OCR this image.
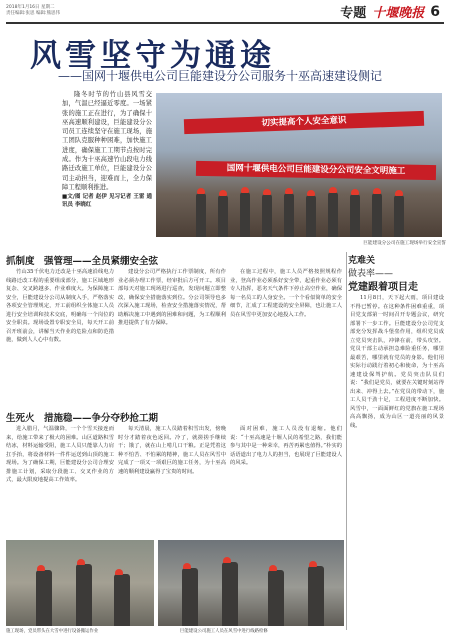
2018年1月16日 星期二
责任编辑:张思 编辑:熊思伟	专题 十堰晚报 6
风雪坚守为通途
——国网十堰供电公司巨能建设分公司服务十巫高速建设侧记
隆冬时节的竹山县风雪交加，气温已经逼近零度。一场紧张的施工正在进行，为了确保十巫高速顺利建设，巨能建设分公司员工连续坚守在施工现场，施工团队克服种种困难，加快施工进度，确保施工工期节点按时完成。作为十巫高速竹山段电力线路迁改施工单位，巨能建设分公司主动担当，迎难而上，全力保障工程顺利推进。
■文/图 记者 赵伊 见习记者 王雷 通讯员 李晓红
切实提高个人安全意识
国网十堰供电公司巨能建设分公司安全文明施工
巨能建设分公司在施工现场举行安全宣誓
抓制度　强管理——全员紧绷安全弦
竹山35千伏电力迁改是十巫高速沿线电力线路迁改工程的重要组成部分，施工区域地形复杂、交叉跨越多、作业难度大。为保障施工安全，巨能建设分公司从制度入手，严格落实各项安全管理规定，开工前组织全体施工人员进行安全培训和技术交底，明确每一个岗位的安全职责。现场设置专职安全员，每天开工前召开班前会，讲解当天作业的危险点和防范措施，做到人人心中有数。
建设分公司严格执行工作票制度，所有作业必须办理工作票，经审批后方可开工。项目部每天对施工现场进行巡查，发现问题立即整改，确保安全措施落实到位。分公司领导也多次深入施工现场，检查安全措施落实情况，帮助解决施工中遇到的困难和问题，为工程顺利推进提供了有力保障。
在施工过程中，施工人员严格按照规程作业，登高作业必须系好安全带，起重作业必须有专人指挥，恶劣天气条件下停止高空作业，确保每一名员工的人身安全。一个个看似简单的安全细节，汇成了工程建设的安全屏障，也让施工人员在风雪中更加安心地投入工作。
生死火　措施稳——争分夺秒抢工期
进入腊月，气温骤降，一个个雪天接连而来，给施工带来了极大的困难。山区道路积雪结冰，材料运输受阻，施工人员只能靠人力肩扛手抬，将设备材料一件件运送到山顶的施工现场。为了确保工期，巨能建设分公司合理安排施工计划，采取分段施工、交叉作业的方式，最大限度地提高工作效率。
每天清晨，施工人员踏着积雪出发，傍晚时分才踏着夜色返回。冷了，就搓搓手继续干；饿了，就在山上啃几口干粮。正是凭着这种不怕苦、不怕累的精神，施工人员在风雪中完成了一项又一项艰巨的施工任务，为十巫高速的顺利建设赢得了宝贵的时间。
面对困难，施工人员没有退缩。他们说：“十巫高速是十堰人民的希望之路，我们能参与其中是一种荣幸，再苦再累也值得。”朴实的话语道出了电力人的担当，也展现了巨能建设人的风采。
克难关
做表率——
党建跟着项目走
11月8日，天下起大雨，项目建设不得已暂停。在这种条件困难重重，项目党支部第一时间召开专题会议，研究部署下一步工作。巨能建设分公司党支部充分发挥战斗堡垒作用，组织党员成立党员突击队，冲锋在前，带头攻坚。党员干部主动承担急难险重任务，哪里最艰苦，哪里就有党员的身影。他们用实际行动践行着初心和使命，为十巫高速建设保驾护航。党员突击队员们说：“我们是党员，就要在关键时刻站得出来、冲得上去。”在党员的带动下，施工人员干劲十足，工程进度不断加快。风雪中，一面面鲜红的党旗在施工现场高高飘扬，成为山区一道亮丽的风景线。
施工现场，党员带头在大雪中进行设备搬运作业	巨能建设公司施工人员在风雪中进行线路检修
